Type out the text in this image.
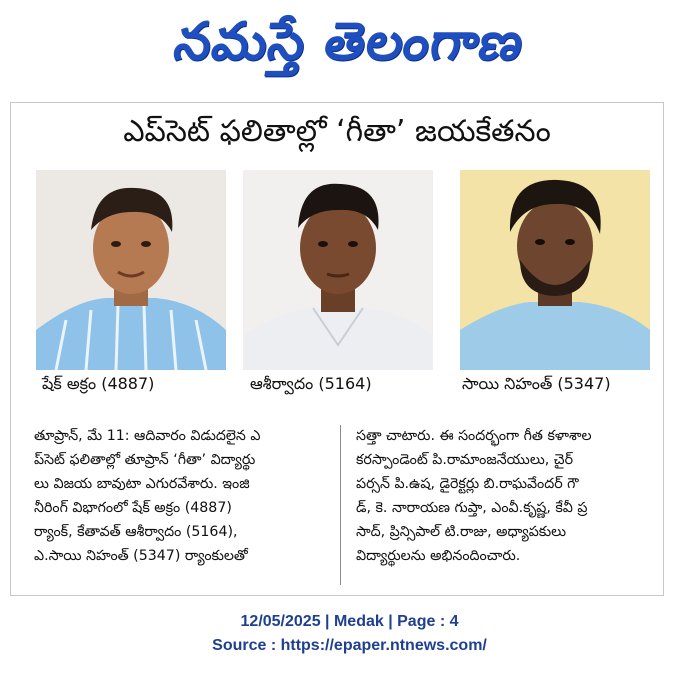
నమస్తే తెలంగాణ
ఎప్‌సెట్ ఫలితాల్లో ‘గీతా’ జయకేతనం
షేక్ అక్రం (4887)	ఆశీర్వాదం (5164)	సాయి నిహంత్ (5347)
తూప్రాన్, మే 11: ఆదివారం విడుదలైన ఎ
ప్‌సెట్ ఫలితాల్లో తూప్రాన్ ‘గీతా’ విద్యార్థు
లు విజయ బావుటా ఎగురవేశారు. ఇంజి
నీరింగ్ విభాగంలో షేక్ అక్రం (4887)
ర్యాంక్, కేతావత్ ఆశీర్వాదం (5164),
ఎ.సాయి నిహంత్ (5347) ర్యాంకులతో
సత్తా చాటారు. ఈ సందర్భంగా గీత కళాశాల
కరస్పాండెంట్ పి.రామాంజనేయులు, చైర్
పర్సన్ పి.ఉష, డైరెక్టర్లు బి.రాఘవేందర్ గౌ
డ్, కె. నారాయణ గుప్తా, ఎంవీ.కృష్ణ, కేవీ ప్ర
సాద్, ప్రిన్సిపాల్ టి.రాజు, అధ్యాపకులు
విద్యార్థులను అభినందించారు.
12/05/2025 | Medak | Page : 4
Source : https://epaper.ntnews.com/
